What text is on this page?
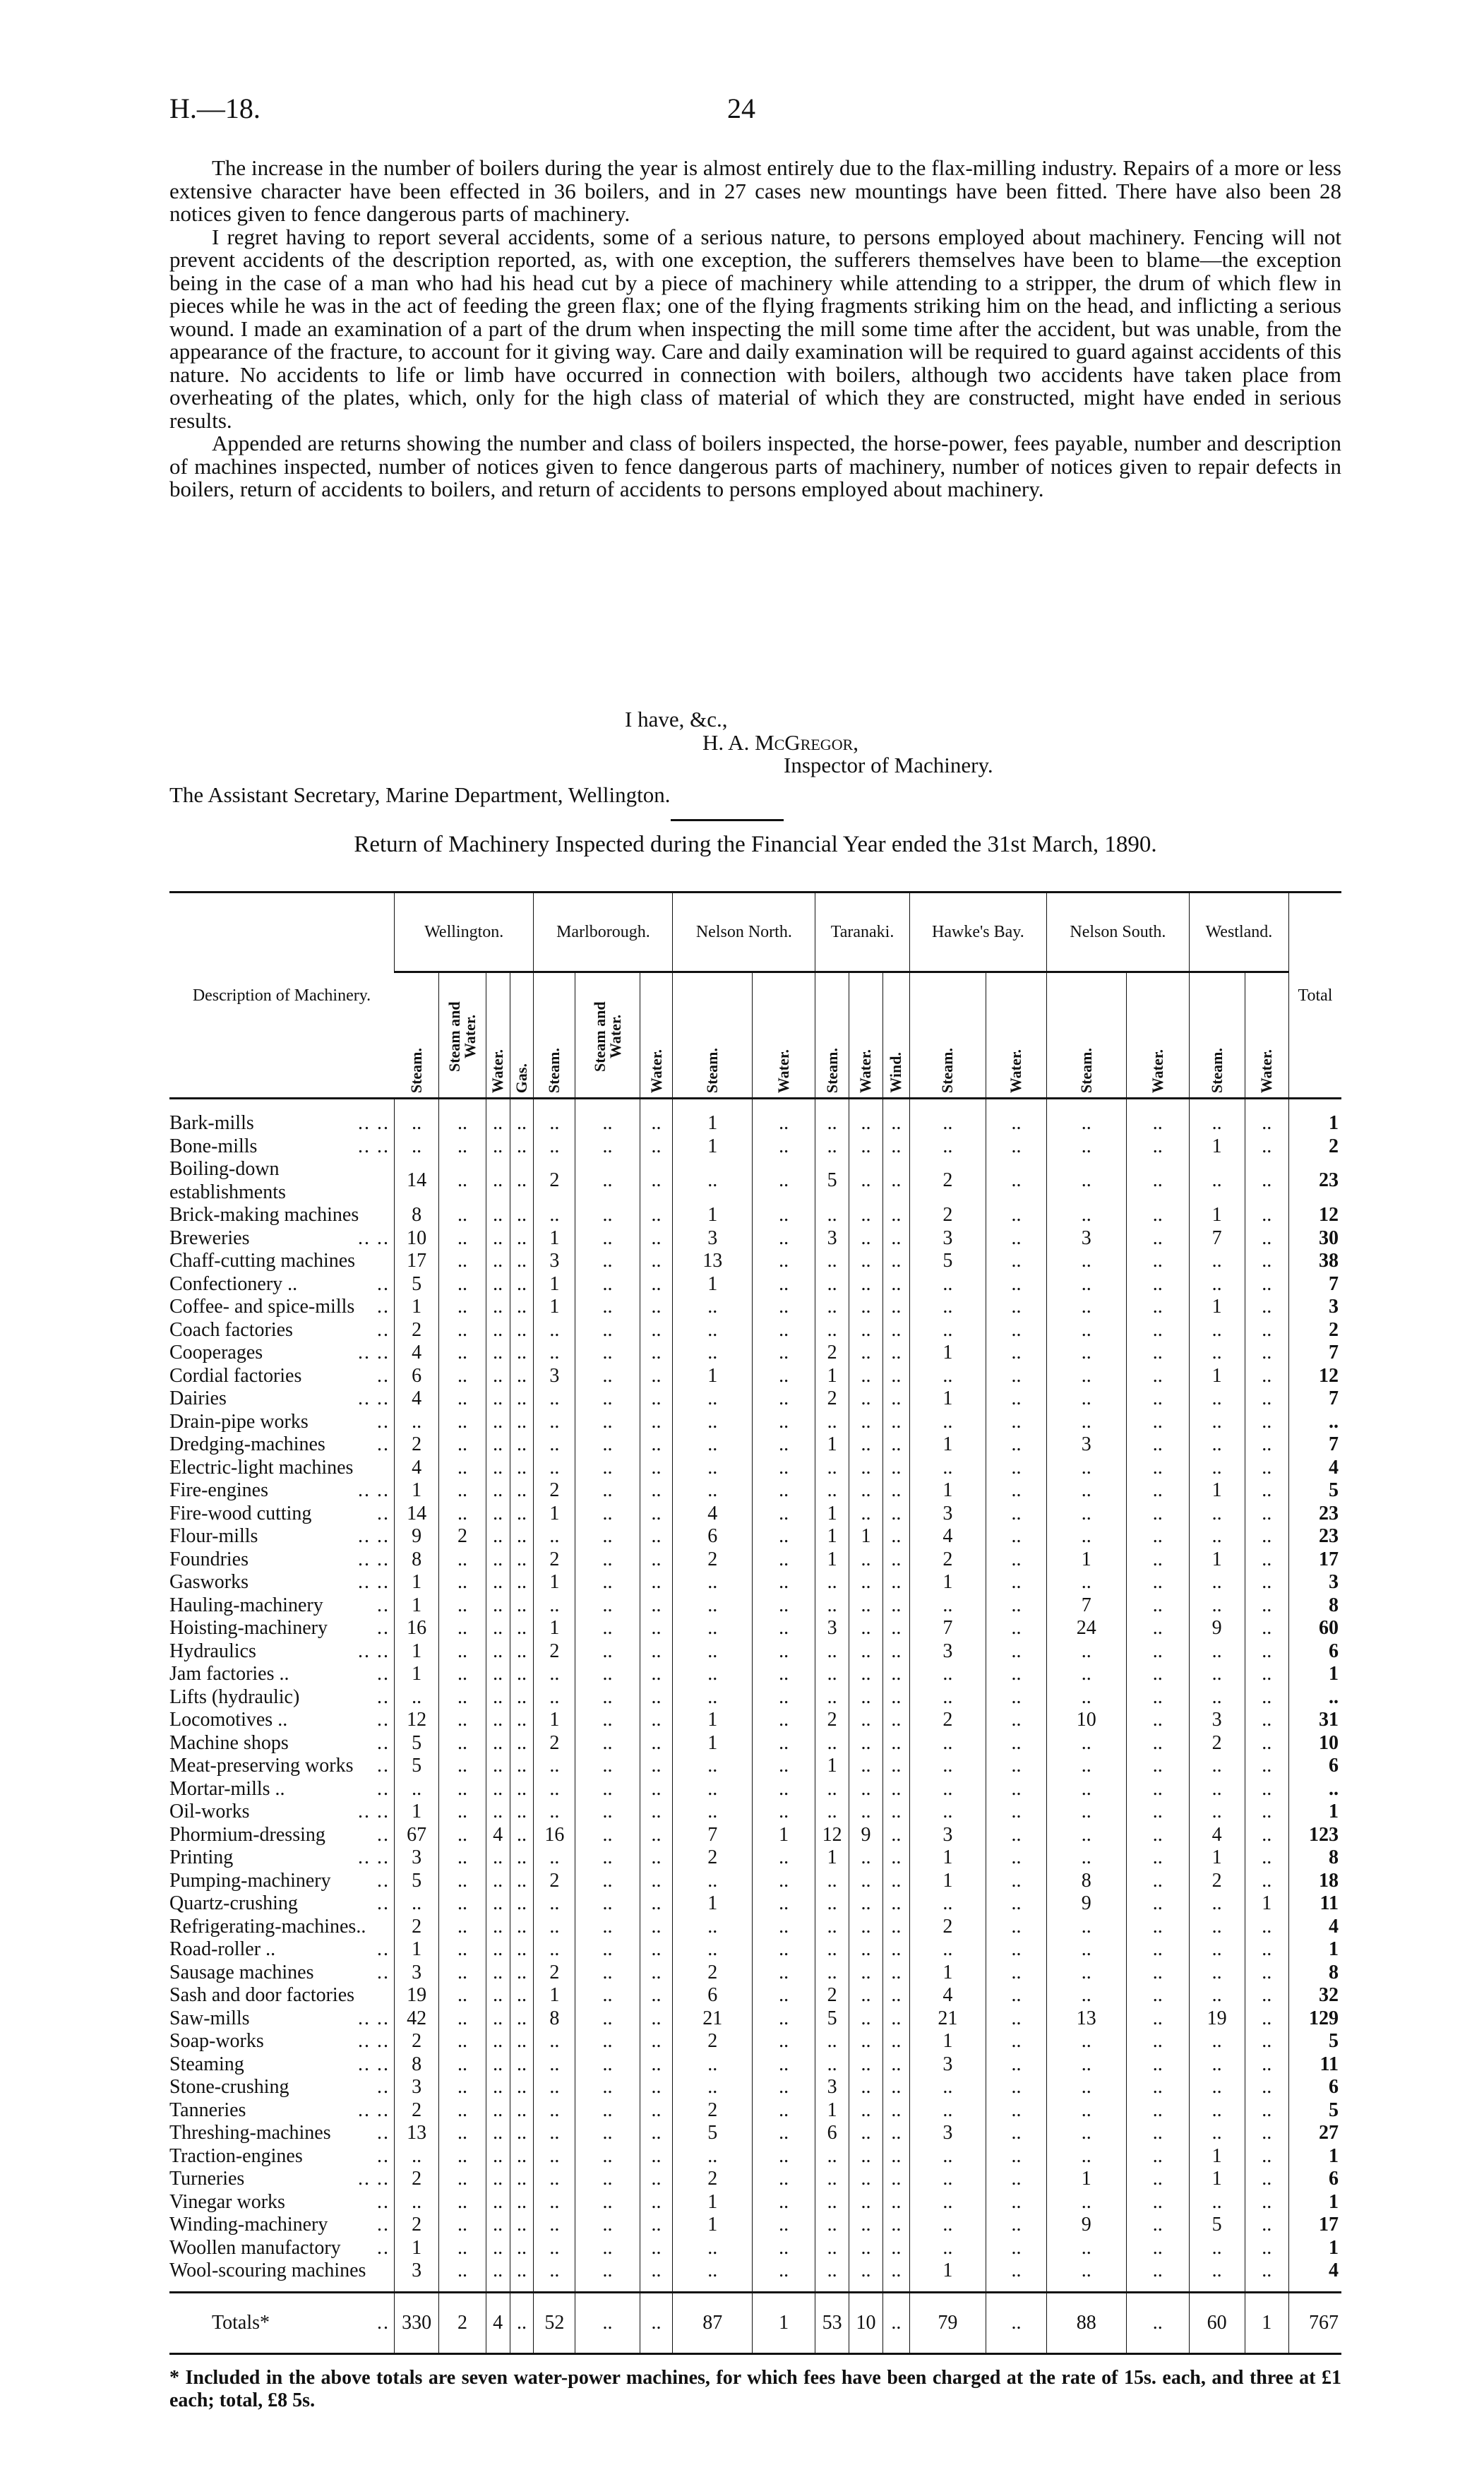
H.—18.	24

The increase in the number of boilers during the year is almost entirely due to the flax-milling industry. Repairs of a more or less extensive character have been effected in 36 boilers, and in 27 cases new mountings have been fitted. There have also been 28 notices given to fence dangerous parts of machinery.

I regret having to report several accidents, some of a serious nature, to persons employed about machinery. Fencing will not prevent accidents of the description reported, as, with one exception, the sufferers themselves have been to blame—the exception being in the case of a man who had his head cut by a piece of machinery while attending to a stripper, the drum of which flew in pieces while he was in the act of feeding the green flax; one of the flying fragments striking him on the head, and inflicting a serious wound. I made an examination of a part of the drum when inspecting the mill some time after the accident, but was unable, from the appearance of the fracture, to account for it giving way. Care and daily examination will be required to guard against accidents of this nature. No accidents to life or limb have occurred in connection with boilers, although two accidents have taken place from overheating of the plates, which, only for the high class of material of which they are constructed, might have ended in serious results.

Appended are returns showing the number and class of boilers inspected, the horse-power, fees payable, number and description of machines inspected, number of notices given to fence dangerous parts of machinery, number of notices given to repair defects in boilers, return of accidents to boilers, and return of accidents to persons employed about machinery.

I have, &c.,
H. A. McGregor,
Inspector of Machinery.
The Assistant Secretary, Marine Department, Wellington.
Return of Machinery Inspected during the Financial Year ended the 31st March, 1890.
Description of Machinery.	Wellington.				Marlborough.			Nelson North.		Taranaki.			Hawke's Bay.		Nelson South.		Westland.		Total
	Steam.	Steam and Water.	Water.	Gas.	Steam.	Steam and Water.	Water.	Steam.	Water.	Steam.	Water.	Wind.	Steam.	Water.	Steam.	Water.	Steam.	Water.	

Bark-mills .. ..	..	..	..	..	..	..	..	1	..	..	..	..	..	..	..	..	..	..	1

Bone-mills .. ..	..	..	..	..	..	..	..	1	..	..	..	..	..	..	..	..	1	..	2

Boiling-down establishments	14	..	..	..	2	..	..	..	..	5	..	..	2	..	..	..	..	..	23

Brick-making machines	8	..	..	..	..	..	..	1	..	..	..	..	2	..	..	..	1	..	12

Breweries .. ..	10	..	..	..	1	..	..	3	..	3	..	..	3	..	3	..	7	..	30

Chaff-cutting machines	17	..	..	..	3	..	..	13	..	..	..	..	5	..	..	..	..	..	38

Confectionery .. ..	5	..	..	..	1	..	..	1	..	..	..	..	..	..	..	..	..	..	7

Coffee- and spice-mills ..	1	..	..	..	1	..	..	..	..	..	..	..	..	..	..	..	1	..	3

Coach factories ..	2	..	..	..	..	..	..	..	..	..	..	..	..	..	..	..	..	..	2

Cooperages .. ..	4	..	..	..	..	..	..	..	..	2	..	..	1	..	..	..	..	..	7

Cordial factories ..	6	..	..	..	3	..	..	1	..	1	..	..	..	..	..	..	1	..	12

Dairies .. ..	4	..	..	..	..	..	..	..	..	2	..	..	1	..	..	..	..	..	7

Drain-pipe works ..	..	..	..	..	..	..	..	..	..	..	..	..	..	..	..	..	..	..	..

Dredging-machines ..	2	..	..	..	..	..	..	..	..	1	..	..	1	..	3	..	..	..	7

Electric-light machines	4	..	..	..	..	..	..	..	..	..	..	..	..	..	..	..	..	..	4

Fire-engines .. ..	1	..	..	..	2	..	..	..	..	..	..	..	1	..	..	..	1	..	5

Fire-wood cutting ..	14	..	..	..	1	..	..	4	..	1	..	..	3	..	..	..	..	..	23

Flour-mills .. ..	9	2	..	..	..	..	..	6	..	1	1	..	4	..	..	..	..	..	23

Foundries .. ..	8	..	..	..	2	..	..	2	..	1	..	..	2	..	1	..	1	..	17

Gasworks .. ..	1	..	..	..	1	..	..	..	..	..	..	..	1	..	..	..	..	..	3

Hauling-machinery ..	1	..	..	..	..	..	..	..	..	..	..	..	..	..	7	..	..	..	8

Hoisting-machinery ..	16	..	..	..	1	..	..	..	..	3	..	..	7	..	24	..	9	..	60

Hydraulics .. ..	1	..	..	..	2	..	..	..	..	..	..	..	3	..	..	..	..	..	6

Jam factories .. ..	1	..	..	..	..	..	..	..	..	..	..	..	..	..	..	..	..	..	1

Lifts (hydraulic) ..	..	..	..	..	..	..	..	..	..	..	..	..	..	..	..	..	..	..	..

Locomotives .. ..	12	..	..	..	1	..	..	1	..	2	..	..	2	..	10	..	3	..	31

Machine shops ..	5	..	..	..	2	..	..	1	..	..	..	..	..	..	..	..	2	..	10

Meat-preserving works ..	5	..	..	..	..	..	..	..	..	1	..	..	..	..	..	..	..	..	6

Mortar-mills .. ..	..	..	..	..	..	..	..	..	..	..	..	..	..	..	..	..	..	..	..

Oil-works .. ..	1	..	..	..	..	..	..	..	..	..	..	..	..	..	..	..	..	..	1

Phormium-dressing ..	67	..	4	..	16	..	..	7	1	12	9	..	3	..	..	..	4	..	123

Printing .. ..	3	..	..	..	..	..	..	2	..	1	..	..	1	..	..	..	1	..	8

Pumping-machinery ..	5	..	..	..	2	..	..	..	..	..	..	..	1	..	8	..	2	..	18

Quartz-crushing ..	..	..	..	..	..	..	..	1	..	..	..	..	..	..	9	..	..	1	11

Refrigerating-machines..	2	..	..	..	..	..	..	..	..	..	..	..	2	..	..	..	..	..	4

Road-roller .. ..	1	..	..	..	..	..	..	..	..	..	..	..	..	..	..	..	..	..	1

Sausage machines ..	3	..	..	..	2	..	..	2	..	..	..	..	1	..	..	..	..	..	8

Sash and door factories	19	..	..	..	1	..	..	6	..	2	..	..	4	..	..	..	..	..	32

Saw-mills .. ..	42	..	..	..	8	..	..	21	..	5	..	..	21	..	13	..	19	..	129

Soap-works .. ..	2	..	..	..	..	..	..	2	..	..	..	..	1	..	..	..	..	..	5

Steaming .. ..	8	..	..	..	..	..	..	..	..	..	..	..	3	..	..	..	..	..	11

Stone-crushing ..	3	..	..	..	..	..	..	..	..	3	..	..	..	..	..	..	..	..	6

Tanneries .. ..	2	..	..	..	..	..	..	2	..	1	..	..	..	..	..	..	..	..	5

Threshing-machines ..	13	..	..	..	..	..	..	5	..	6	..	..	3	..	..	..	..	..	27

Traction-engines ..	..	..	..	..	..	..	..	..	..	..	..	..	..	..	..	..	1	..	1

Turneries .. ..	2	..	..	..	..	..	..	2	..	..	..	..	..	..	1	..	1	..	6

Vinegar works ..	..	..	..	..	..	..	..	1	..	..	..	..	..	..	..	..	..	..	1

Winding-machinery ..	2	..	..	..	..	..	..	1	..	..	..	..	..	..	9	..	5	..	17

Woollen manufactory ..	1	..	..	..	..	..	..	..	..	..	..	..	..	..	..	..	..	..	1

Wool-scouring machines	3	..	..	..	..	..	..	..	..	..	..	..	1	..	..	..	..	..	4

Totals* ..	330	2	4	..	52	..	..	87	1	53	10	..	79	..	88	..	60	1	767
* Included in the above totals are seven water-power machines, for which fees have been charged at the rate of 15s. each, and three at £1 each; total, £8 5s.
